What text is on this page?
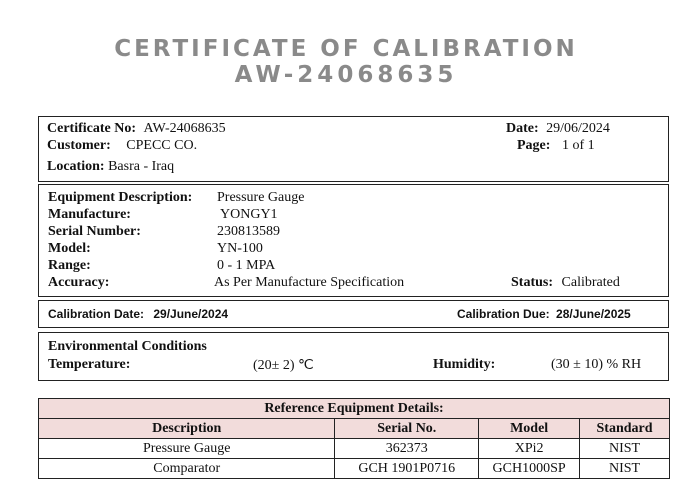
CERTIFICATE OF CALIBRATION
AW-24068635
Certificate No: AW-24068635
Customer: CPECC CO.
Location: Basra - Iraq
Date: 29/06/2024
Page: 1 of 1
Equipment Description: Pressure Gauge
Manufacture:	YONGY1
Serial Number:	230813589
Model:	YN-100
Range:	0 - 1 MPA
Accuracy:	As Per Manufacture Specification	Status: Calibrated
Calibration Date: 29/June/2024	Calibration Due: 28/June/2025
Environmental Conditions
Temperature:	(20± 2) ℃	Humidity:	(30 ± 10) % RH
Reference Equipment Details:			
Description	Serial No.	Model	Standard
Pressure Gauge	362373	XPi2	NIST
Comparator	GCH 1901P0716	GCH1000SP	NIST
